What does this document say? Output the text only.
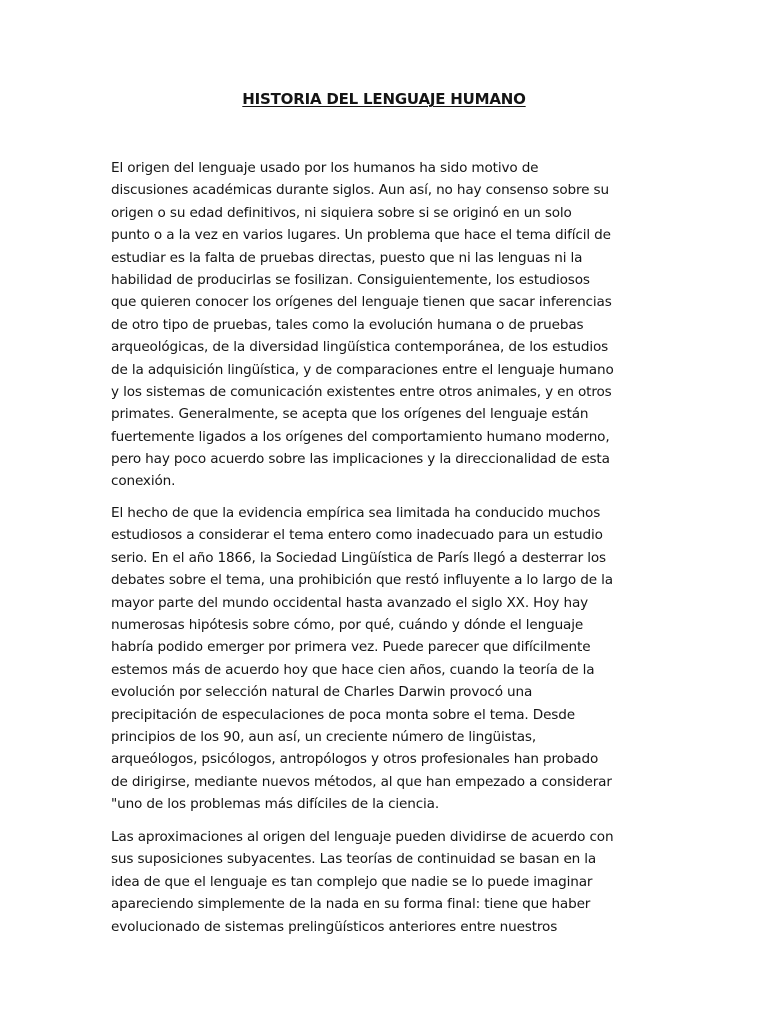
HISTORIA DEL LENGUAJE HUMANO
El origen del lenguaje usado por los humanos ha sido motivo de
discusiones académicas durante siglos. Aun así, no hay consenso sobre su
origen o su edad definitivos, ni siquiera sobre si se originó en un solo
punto o a la vez en varios lugares. Un problema que hace el tema difícil de
estudiar es la falta de pruebas directas, puesto que ni las lenguas ni la
habilidad de producirlas se fosilizan. Consiguientemente, los estudiosos
que quieren conocer los orígenes del lenguaje tienen que sacar inferencias
de otro tipo de pruebas, tales como la evolución humana o de pruebas
arqueológicas, de la diversidad lingüística contemporánea, de los estudios
de la adquisición lingüística, y de comparaciones entre el lenguaje humano
y los sistemas de comunicación existentes entre otros animales, y en otros
primates. Generalmente, se acepta que los orígenes del lenguaje están
fuertemente ligados a los orígenes del comportamiento humano moderno,
pero hay poco acuerdo sobre las implicaciones y la direccionalidad de esta
conexión.
El hecho de que la evidencia empírica sea limitada ha conducido muchos
estudiosos a considerar el tema entero como inadecuado para un estudio
serio. En el año 1866, la Sociedad Lingüística de París llegó a desterrar los
debates sobre el tema, una prohibición que restó influyente a lo largo de la
mayor parte del mundo occidental hasta avanzado el siglo XX. Hoy hay
numerosas hipótesis sobre cómo, por qué, cuándo y dónde el lenguaje
habría podido emerger por primera vez. Puede parecer que difícilmente
estemos más de acuerdo hoy que hace cien años, cuando la teoría de la
evolución por selección natural de Charles Darwin provocó una
precipitación de especulaciones de poca monta sobre el tema. Desde
principios de los 90, aun así, un creciente número de lingüistas,
arqueólogos, psicólogos, antropólogos y otros profesionales han probado
de dirigirse, mediante nuevos métodos, al que han empezado a considerar
"uno de los problemas más difíciles de la ciencia.
Las aproximaciones al origen del lenguaje pueden dividirse de acuerdo con
sus suposiciones subyacentes. Las teorías de continuidad se basan en la
idea de que el lenguaje es tan complejo que nadie se lo puede imaginar
apareciendo simplemente de la nada en su forma final: tiene que haber
evolucionado de sistemas prelingüísticos anteriores entre nuestros
